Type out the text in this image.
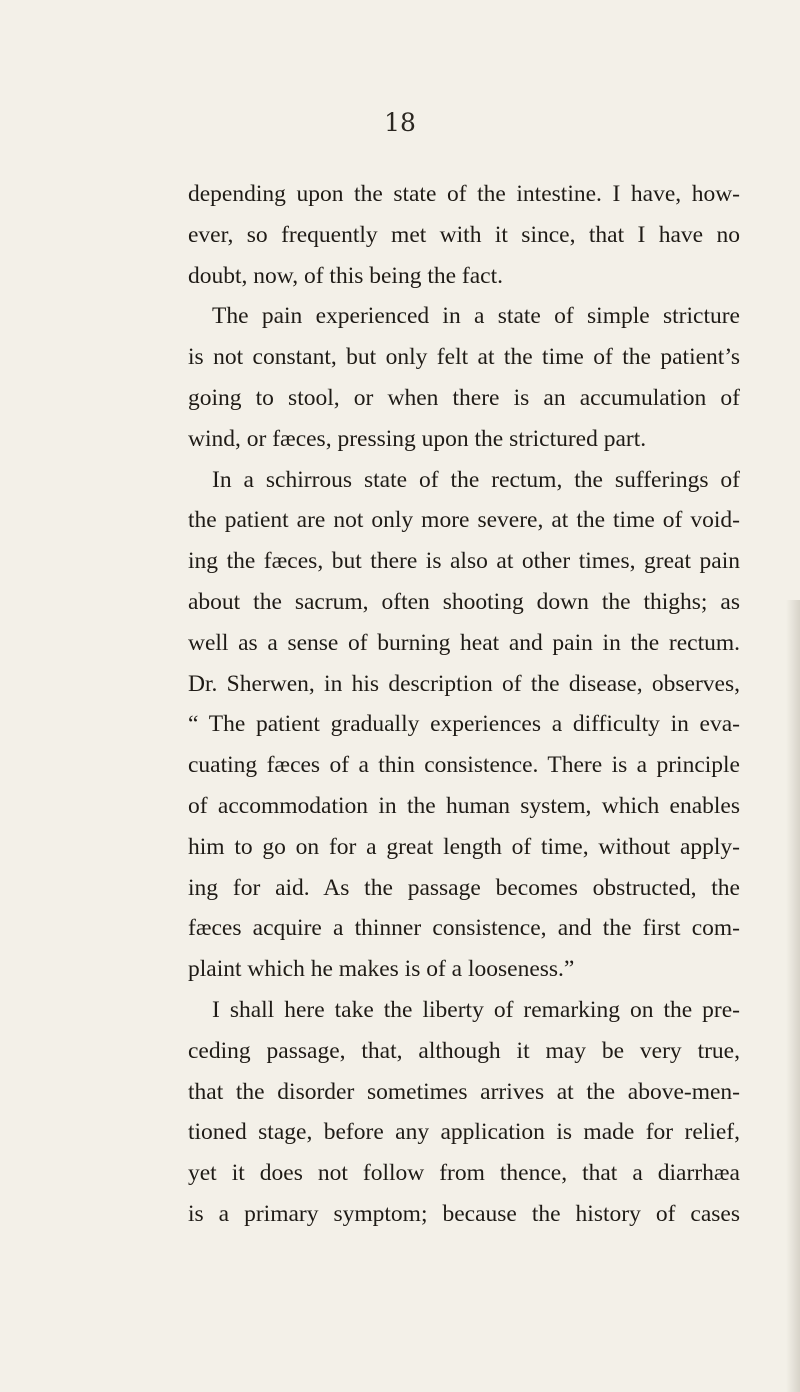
18

depending upon the state of the intestine. I have, how-
ever, so frequently met with it since, that I have no
doubt, now, of this being the fact.
The pain experienced in a state of simple stricture
is not constant, but only felt at the time of the patient’s
going to stool, or when there is an accumulation of
wind, or fæces, pressing upon the strictured part.
In a schirrous state of the rectum, the sufferings of
the patient are not only more severe, at the time of void-
ing the fæces, but there is also at other times, great pain
about the sacrum, often shooting down the thighs; as
well as a sense of burning heat and pain in the rectum.
Dr. Sherwen, in his description of the disease, observes,
“ The patient gradually experiences a difficulty in eva-
cuating fæces of a thin consistence. There is a principle
of accommodation in the human system, which enables
him to go on for a great length of time, without apply-
ing for aid. As the passage becomes obstructed, the
fæces acquire a thinner consistence, and the first com-
plaint which he makes is of a looseness.”
I shall here take the liberty of remarking on the pre-
ceding passage, that, although it may be very true,
that the disorder sometimes arrives at the above-men-
tioned stage, before any application is made for relief,
yet it does not follow from thence, that a diarrhæa
is a primary symptom; because the history of cases
